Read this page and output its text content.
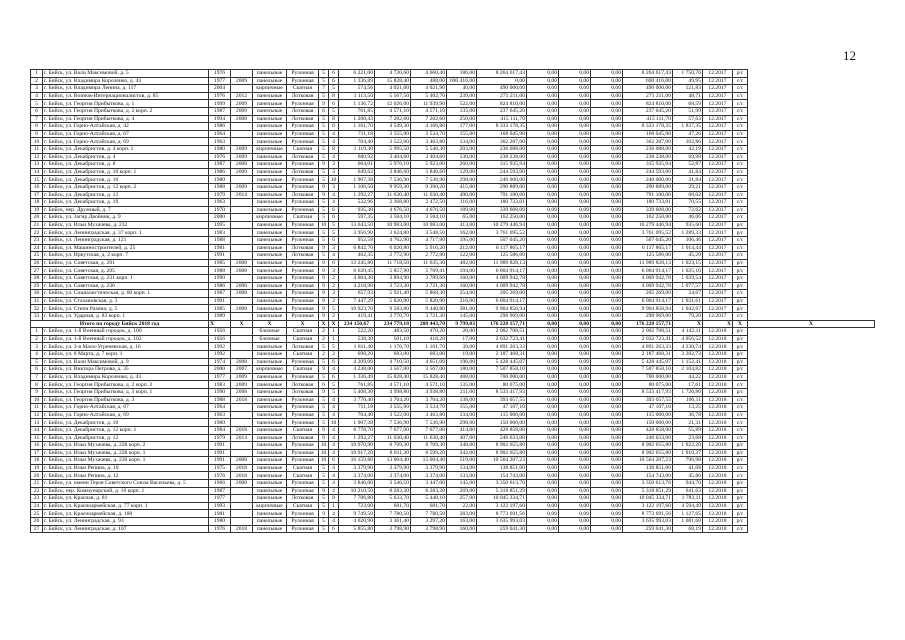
12
1	г. Бийск, ул. Вали Максимовой, д. 5	1976		панельные	Рулонная	5	6	6 221,00	4 720,60	4 660,40	186,00	8 264 617,43	0,00	0,00	0,00	8 264 617,43	1 750,76	12.2017	р/с	
2	г. Бийск, ул. Владимира Короленко, д. 43	1977	2009	панельные	Рулонная	5	6	1 336,89	15 828,40	488,00	690 416,00	0,00	0,00	0,00	0,00	690 416,00	49,95	12.2017	с/с	
3	г. Бийск, ул. Владимира Ленина, д. 117	2004		кирпичные	Скатная	7	5	574,56	4 021,00	4 021,90	40,00	490 000,00	0,00	0,00	0,00	490 000,00	121,83	12.2017	с/с	
4	г. Бийск, ул. Воинов-Интернационалистов, д. 85	1976	2012	панельные	Лотковая	5	8	1 113,50	5 567,50	5 402,70	239,00	271 211,00	0,00	0,00	0,00	271 211,00	48,71	12.2017	с/с	
5	г. Бийск, ул. Георгия Прибыткова, д. 1	1999	2009	панельные	Рулонная	9	6	1 136,72	12 026,00	11 939,90	522,00	824 810,00	0,00	0,00	0,00	824 810,00	68,59	12.2017	с/с	
6	г. Бийск, ул. Георгия Прибыткова, д. 2 корп. 2	1987	2009	панельные	Лотковая	6	5	761,85	4 571,10	4 571,10	135,00	237 645,20	0,00	0,00	0,00	237 645,20	51,99	12.2017	с/с	
7	г. Бийск, ул. Георгия Прибыткова, д. 4	1994	2008	панельные	Лотковая	5	8	1 200,43	7 202,60	7 202,60	250,00	415 111,70	0,00	0,00	0,00	415 111,70	57,63	12.2017	с/с	
8	г. Бийск, ул. Горно-Алтайская, д. 42	1986		панельные	Рулонная	5	6	1 161,70	4 549,30	4 166,80	177,00	8 333 178,35	0,00	0,00	0,00	8 333 178,35	1 837,35	12.2017	с/с	
9	г. Бийск, ул. Горно-Алтайская, д. 67	1964		панельные	Рулонная	5	4	711,18	3 555,90	3 534,70	155,00	168 045,90	0,00	0,00	0,00	168 045,90	47,26	12.2017	с/с	
10	г. Бийск, ул. Горно-Алтайская, д. 69	1963		панельные	Рулонная	5	4	704,40	3 522,00	3 463,80	134,00	362 287,00	0,00	0,00	0,00	362 287,00	102,86	12.2017	с/с	
11	г. Бийск, ул. Декабристов, д. 4 корп. 1	1980	2009	кирпичные	Скатная	5	8	1 119,30	5 995,50	5 546,30	203,00	236 088,00	0,00	0,00	0,00	236 088,00	42,19	12.2017	с/с	
12	г. Бийск, ул. Декабристов, д. 4	1976	2009	панельные	Лотковая	5	4	680,92	3 404,60	3 404,60	130,00	238 238,00	0,00	0,00	0,00	238 238,00	69,98	12.2017	с/с	
13	г. Бийск, ул. Декабристов, д. 8	1987	2008	панельные	Рулонная	9	3	664,01	5 976,10	5 923,00	260,00	315 935,94	0,00	0,00	0,00	315 935,94	52,87	12.2017	с/с	
14	г. Бийск, ул. Декабристов, д. 10 корп. 1	1986	2009	панельные	Лотковая	5	3	649,62	3 846,60	3 846,60	129,00	244 593,00	0,00	0,00	0,00	244 593,00	41,84	12.2017	с/с	
15	г. Бийск, ул. Декабристов, д. 10	1980		панельные	Рулонная	5	10	1 907,38	7 536,90	7 536,90	298,00	240 000,00	0,00	0,00	0,00	240 000,00	31,84	12.2017	с/с	
16	г. Бийск, ул. Декабристов, д. 12 корп. 2	1988	2009	панельные	Рулонная	9	3	1 106,50	9 959,30	9 390,20	415,00	290 889,00	0,00	0,00	0,00	290 889,00	29,21	12.2017	с/с	
17	г. Бийск, ул. Декабристов, д. 12	1979	2014	панельные	Лотковая	9	4	1 292,27	11 630,40	11 630,40	490,00	791 100,00	0,00	0,00	0,00	791 100,00	68,02	12.2017	с/с	
18	г. Бийск, ул. Декабристов, д. 19	1963		панельные	Рулонная	5	4	532,96	2 368,80	2 472,50	116,00	180 733,01	0,00	0,00	0,00	180 733,01	70,55	12.2017	с/с	
19	г. Бийск, пер. Дружный, д. 7	1970		панельные	Рулонная	5	6	935,30	4 676,50	4 676,50	189,00	339 608,00	0,00	0,00	0,00	339 608,00	72,62	12.2017	с/с	
20	г. Бийск, ул. Загир Двойник, д. 9	2000		кирпичные	Скатная	5	6	597,35	3 584,10	3 584,10	65,00	162 250,00	0,00	0,00	0,00	162 250,00	46,06	12.2017	с/с	
21	г. Бийск, ул. Ильи Мухачева, д. 232	1995		панельные	Рулонная	10	5	13 643,50	10 983,00	10 983,00	413,00	10 279 446,94	0,00	0,00	0,00	10 279 446,94	935,60	12.2017	р/с	
22	г. Бийск, ул. Ленинградская, д. 37 корп. 1	1983		панельные	Рулонная	5	5	3 956,90	3 624,80	3 548,50	162,00	3 761 695,52	0,00	0,00	0,00	3 761 695,52	1 289,33	12.2017	р/с	
23	г. Бийск, ул. Ленинградская, д. 121	1988		панельные	Рулонная	5	6	952,58	4 762,90	4 717,90	195,00	507 045,20	0,00	0,00	0,00	507 045,20	106,46	12.2017	с/с	
24	г. Бийск, ул. Машиностроителей, д. 25	1981		панельные	Лотковая	9	3	6 842,70	6 020,80	5 916,20	212,00	6 117 865,17	0,00	0,00	0,00	6 117 865,17	1 014,44	12.2017	с/с	
25	г. Бийск, ул. Иркутская, д. 2 корп. 7	1991		панельные	Лотковая	5	4	462,35	2 772,90	2 772,90	122,00	125 586,00	0,00	0,00	0,00	125 586,00	45,29	12.2017	с/с	
26	г. Бийск, ул. Советская, д. 201	1985	2008	панельные	Рулонная	9	6	13 245,80	11 718,50	11 635,30	482,00	11 989 828,13	0,00	0,00	0,00	11 989 828,13	1 023,15	12.2017	р/с	
27	г. Бийск, ул. Советская, д. 205	1988	2008	панельные	Рулонная	9	3	6 620,45	5 857,90	5 769,41	194,00	6 004 914,17	0,00	0,00	0,00	6 004 914,17	1 025,10	12.2017	р/с	
28	г. Бийск, ул. Советская, д. 231 корп. 1	1990		панельные	Рулонная	9	2	4 004,30	3 894,90	3 789,60	160,00	4 009 942,78	0,00	0,00	0,00	4 009 942,78	1 029,54	12.2017	р/с	
29	г. Бийск, ул. Советская, д. 236	1986	2008	панельные	Рулонная	9	2	4 218,90	3 723,30	3 721,30	160,00	4 009 942,78	0,00	0,00	0,00	4 009 942,78	1 077,57	12.2017	р/с	
30	г. Бийск, ул. Социалистическая, д. 60 корп. 1	1987	2008	панельные	Рулонная	9	3	657,93	5 921,40	5 868,30	254,00	205 269,00	0,00	0,00	0,00	205 269,00	34,67	12.2017	с/с	
31	г. Бийск, ул. Стахановская, д. 3	1991		панельные	Рулонная	9	2	7 447,29	5 820,90	5 820,90	216,00	6 004 914,17	0,00	0,00	0,00	6 004 914,17	1 031,61	12.2017	р/с	
32	г. Бийск, ул. Степи Разина, д. 5	1985	2008	панельные	Рулонная	9	5	10 923,70	9 583,80	9 440,80	381,00	9 904 856,94	0,00	0,00	0,00	9 904 856,94	1 042,67	12.2017	р/с	
33	г. Бийск, ул. Ударная, д. 83 корп. 1	1989		панельные	Рулонная	9	2	419,41	3 770,70	3 721,30	145,00	298 969,00	0,00	0,00	0,00	298 969,00	79,20	12.2017	с/с	
Итого по городу Бийск 2018 год		X	X	X	X	X	X	234 150,67	234 779,18	208 443,70	9 799,03	176 228 157,71	0,00	0,00	0,00	176 228 157,71	X	X	X	X
1	г. Бийск, ул. 1-й Военный городок, д. 100	1956		блочные	Скатная	2	1	522,20	483,50	470,20	20,00	2 002 708,51	0,00	0,00	0,00	2 002 708,51	4 142,11	12.2018	р/с	
2	г. Бийск, ул. 1-й Военный городок, д. 102	1956		блочные	Скатная	2	1	538,30	501,10	418,20	17,00	2 032 723,41	0,00	0,00	0,00	2 032 723,41	4 056,52	12.2018	р/с	
3	г. Бийск, ул. 3-я Мало-Угреневская, д. 16	1992		панельные	Лотковая	5	5	1 811,40	1 176,70	1 101,70	39,00	4 891 263,33	0,00	0,00	0,00	4 891 263,33	4 230,74	12.2018	р/с	
4	г. Бийск, ул. 8 Марта, д. 7 корп. 1	1992		панельные	Скатная	2	2	698,20	683,00	683,00	19,00	2 187 468,31	0,00	0,00	0,00	2 187 468,31	3 202,73	12.2018	р/с	
5	г. Бийск, ул. Вали Максимовой, д. 9	1974	2008	панельные	Рулонная	5	6	4 209,00	4 710,50	4 651,00	196,00	5 428 445,07	0,00	0,00	0,00	5 428 445,07	1 152,41	12.2018	р/с	
6	г. Бийск, ул. Виктора Петрова, д. 35	2000	2007	кирпичные	Скатная	9	4	4 238,00	3 567,00	3 567,00	180,00	7 507 858,10	0,00	0,00	0,00	7 507 858,10	2 104,82	12.2018	р/с	
7	г. Бийск, ул. Владимира Короленко, д. 43	1977	2009	панельные	Рулонная	5	6	1 336,49	15 828,40	15 828,40	488,00	700 000,00	0,00	0,00	0,00	700 000,00	44,22	12.2018	с/с	
8	г. Бийск, ул. Георгия Прибыткова, д. 2 корп. 2	1983	2009	панельные	Лотковая	6	5	761,85	4 571,10	4 571,10	135,00	80 075,00	0,00	0,00	0,00	80 075,00	17,61	12.2018	с/с	
9	г. Бийск, ул. Георгия Прибыткова, д. 3 корп. 1	1990	2008	панельные	Лотковая	9	5	5 408,30	4 998,80	4 938,80	211,00	8 533 417,93	0,00	0,00	0,00	8 533 417,93	1 720,86	12.2018	р/с	
10	г. Бийск, ул. Георгия Прибыткова, д. 3	1988	2018	панельные	Рулонная	5	4	3 770,40	3 704,20	3 704,20	138,00	393 057,55	0,00	0,00	0,00	393 057,55	106,11	12.2018	с/с	
11	г. Бийск, ул. Горно-Алтайская, д. 67	1964		панельные	Рулонная	5	4	711,18	3 555,90	3 534,70	155,00	47 107,10	0,00	0,00	0,00	47 107,10	13,25	12.2018	с/с	
12	г. Бийск, ул. Горно-Алтайская, д. 69	1963		панельные	Рулонная	5	4	704,40	3 522,00	3 463,80	134,00	115 000,00	0,00	0,00	0,00	115 000,00	36,78	12.2018	с/с	
13	г. Бийск, ул. Декабристов, д. 10	1980		панельные	Рулонная	5	10	1 907,38	7 536,90	7 536,90	298,00	150 000,00	0,00	0,00	0,00	150 000,00	21,31	12.2018	с/с	
14	г. Бийск, ул. Декабристов, д. 12 корп. 1	1984	2018	панельные	Скатная	9	4	8 778,70	7 677,00	7 677,00	414,00	428 858,00	0,00	0,00	0,00	428 858,00	55,89	12.2018	с/с	
15	г. Бийск, ул. Декабристов, д. 12	1979	2014	панельные	Лотковая	9	4	1 292,27	11 630,40	11 630,40	407,00	246 633,00	0,00	0,00	0,00	246 633,00	23,68	12.2018	с/с	
16	г. Бийск, ул. Ильи Мухачева, д. 228 корп. 2	1991		панельные	Рулонная	10	4	10 970,90	8 709,30	8 709,30	348,00	8 902 655,80	0,00	0,00	0,00	8 902 655,80	1 022,20	12.2018	р/с	
17	г. Бийск, ул. Ильи Мухачева, д. 228 корп. 1	1991		панельные	Рулонная	10	4	10 917,20	8 811,30	8 599,20	342,00	8 902 655,80	0,00	0,00	0,00	8 902 655,80	1 010,37	12.2018	р/с	
18	г. Бийск, ул. Ильи Мухачева, д. 230 корп. 1	1991	2008	панельные	Рулонная	10	6	16 159,80	13 004,40	13 004,40	519,00	10 564 207,23	0,00	0,00	0,00	10 564 207,23	796,98	12.2018	р/с	
19	г. Бийск, ул. Ильи Репина, д. 10	1975	2018	панельные	Скатная	5	4	3 379,90	3 379,90	3 379,90	134,00	138 851,00	0,00	0,00	0,00	138 851,00	41,08	12.2018	с/с	
20	г. Бийск, ул. Ильи Репина, д. 12	1976	2018	панельные	Скатная	5	4	3 374,00	3 374,00	3 374,00	133,00	154 743,00	0,00	0,00	0,00	154 743,00	45,86	12.2018	с/с	
21	г. Бийск, ул. имени Героя Советского Союза Васильева, д. 5	1966	2008	панельные	Рулонная	5	4	3 846,00	3 546,50	3 447,00	145,00	3 350 613,76	0,00	0,00	0,00	3 350 613,76	944,76	12.2018	р/с	
22	г. Бийск, пер. Коммунарский, д. 16 корп. 1	1987		панельные	Рулонная	9	4	10 210,50	8 283,30	8 283,30	269,00	5 318 851,29	0,00	0,00	0,00	5 318 851,29	641,63	12.2018	р/с	
23	г. Бийск, ул. Красная, д. 81	1977		панельные	Лотковая	5	8	7 706,80	5 633,70	5 448,10	257,00	10 045 334,71	0,00	0,00	0,00	10 045 334,71	1 783,11	12.2018	р/с	
24	г. Бийск, ул. Красноармейская, д. 77 корп. 1	1993		кирпичные	Скатная	5	1	723,00	681,70	681,70	22,00	3 122 197,60	0,00	0,00	0,00	3 122 197,60	4 594,49	12.2018	р/с	
25	г. Бийск, ул. Красноармейская, д. 180	1981		панельные	Рулонная	9	4	9 749,50	7 780,50	7 780,50	283,00	8 773 691,56	0,00	0,00	0,00	8 773 691,56	1 127,65	12.2018	р/с	
26	г. Бийск, ул. Ленинградская, д. 93	1980		панельные	Рулонная	5	4	4 020,90	3 361,40	3 297,20	163,00	3 635 993,03	0,00	0,00	0,00	3 635 993,03	1 081,68	12.2018	р/с	
27	г. Бийск, ул. Ленинградская, д. 107	1976	2018	панельные	Рулонная	5	6	5 855,80	3 798,90	3 798,90	160,00	259 041,30	0,00	0,00	0,00	259 041,30	68,19	12.2018	с/с	
